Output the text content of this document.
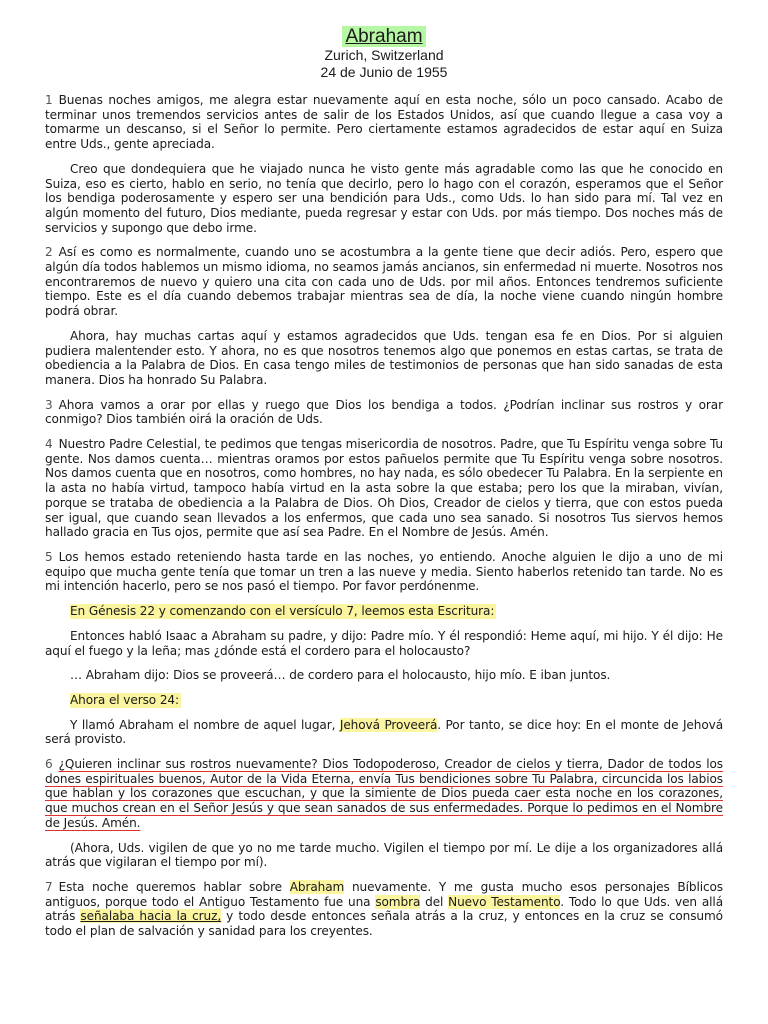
Abraham
Zurich, Switzerland
24 de Junio de 1955

1 Buenas noches amigos, me alegra estar nuevamente aquí en esta noche, sólo un poco cansado. Acabo de terminar unos tremendos servicios antes de salir de los Estados Unidos, así que cuando llegue a casa voy a tomarme un descanso, si el Señor lo permite. Pero ciertamente estamos agradecidos de estar aquí en Suiza entre Uds., gente apreciada.

Creo que dondequiera que he viajado nunca he visto gente más agradable como las que he conocido en Suiza, eso es cierto, hablo en serio, no tenía que decirlo, pero lo hago con el corazón, esperamos que el Señor los bendiga poderosamente y espero ser una bendición para Uds., como Uds. lo han sido para mí. Tal vez en algún momento del futuro, Dios mediante, pueda regresar y estar con Uds. por más tiempo. Dos noches más de servicios y supongo que debo irme.

2 Así es como es normalmente, cuando uno se acostumbra a la gente tiene que decir adiós. Pero, espero que algún día todos hablemos un mismo idioma, no seamos jamás ancianos, sin enfermedad ni muerte. Nosotros nos encontraremos de nuevo y quiero una cita con cada uno de Uds. por mil años. Entonces tendremos suficiente tiempo. Este es el día cuando debemos trabajar mientras sea de día, la noche viene cuando ningún hombre podrá obrar.

Ahora, hay muchas cartas aquí y estamos agradecidos que Uds. tengan esa fe en Dios. Por si alguien pudiera malentender esto. Y ahora, no es que nosotros tenemos algo que ponemos en estas cartas, se trata de obediencia a la Palabra de Dios. En casa tengo miles de testimonios de personas que han sido sanadas de esta manera. Dios ha honrado Su Palabra.

3 Ahora vamos a orar por ellas y ruego que Dios los bendiga a todos. ¿Podrían inclinar sus rostros y orar conmigo? Dios también oirá la oración de Uds.

4 Nuestro Padre Celestial, te pedimos que tengas misericordia de nosotros. Padre, que Tu Espíritu venga sobre Tu gente. Nos damos cuenta… mientras oramos por estos pañuelos permite que Tu Espíritu venga sobre nosotros. Nos damos cuenta que en nosotros, como hombres, no hay nada, es sólo obedecer Tu Palabra. En la serpiente en la asta no había virtud, tampoco había virtud en la asta sobre la que estaba; pero los que la miraban, vivían, porque se trataba de obediencia a la Palabra de Dios. Oh Dios, Creador de cielos y tierra, que con estos pueda ser igual, que cuando sean llevados a los enfermos, que cada uno sea sanado. Si nosotros Tus siervos hemos hallado gracia en Tus ojos, permite que así sea Padre. En el Nombre de Jesús. Amén.

5 Los hemos estado reteniendo hasta tarde en las noches, yo entiendo. Anoche alguien le dijo a uno de mi equipo que mucha gente tenía que tomar un tren a las nueve y media. Siento haberlos retenido tan tarde. No es mi intención hacerlo, pero se nos pasó el tiempo. Por favor perdónenme.

En Génesis 22 y comenzando con el versículo 7, leemos esta Escritura:

Entonces habló Isaac a Abraham su padre, y dijo: Padre mío. Y él respondió: Heme aquí, mi hijo. Y él dijo: He aquí el fuego y la leña; mas ¿dónde está el cordero para el holocausto?

… Abraham dijo: Dios se proveerá… de cordero para el holocausto, hijo mío. E iban juntos.

Ahora el verso 24:

Y llamó Abraham el nombre de aquel lugar, Jehová Proveerá. Por tanto, se dice hoy: En el monte de Jehová será provisto.

6 ¿Quieren inclinar sus rostros nuevamente? Dios Todopoderoso, Creador de cielos y tierra, Dador de todos los dones espirituales buenos, Autor de la Vida Eterna, envía Tus bendiciones sobre Tu Palabra, circuncida los labios que hablan y los corazones que escuchan, y que la simiente de Dios pueda caer esta noche en los corazones, que muchos crean en el Señor Jesús y que sean sanados de sus enfermedades. Porque lo pedimos en el Nombre de Jesús. Amén.

(Ahora, Uds. vigilen de que yo no me tarde mucho. Vigilen el tiempo por mí. Le dije a los organizadores allá atrás que vigilaran el tiempo por mí).

7 Esta noche queremos hablar sobre Abraham nuevamente. Y me gusta mucho esos personajes Bíblicos antiguos, porque todo el Antiguo Testamento fue una sombra del Nuevo Testamento. Todo lo que Uds. ven allá atrás señalaba hacia la cruz, y todo desde entonces señala atrás a la cruz, y entonces en la cruz se consumó todo el plan de salvación y sanidad para los creyentes.
